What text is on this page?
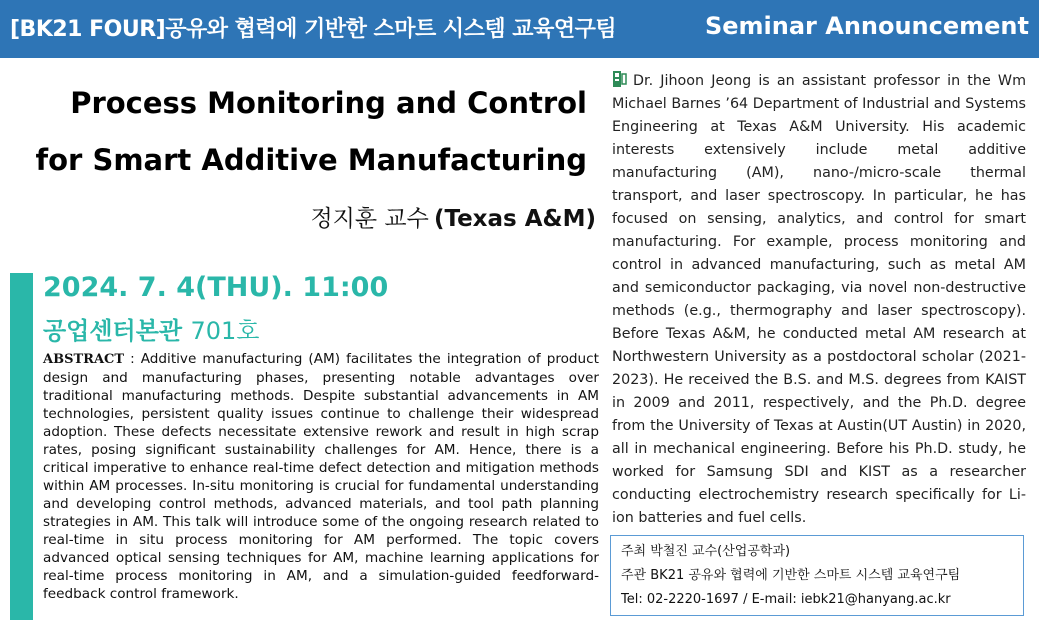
[BK21 FOUR]공유와 협력에 기반한 스마트 시스템 교육연구팀	Seminar Announcement
Process Monitoring and Control
for Smart Additive Manufacturing
정지훈 교수 (Texas A&M)
2024. 7. 4(THU). 11:00
공업센터본관 701호
ABSTRACT : Additive manufacturing (AM) facilitates the integration of product design and manufacturing phases, presenting notable advantages over traditional manufacturing methods. Despite substantial advancements in AM technologies, persistent quality issues continue to challenge their widespread adoption. These defects necessitate extensive rework and result in high scrap rates, posing significant sustainability challenges for AM. Hence, there is a critical imperative to enhance real-time defect detection and mitigation methods within AM processes. In-situ monitoring is crucial for fundamental understanding and developing control methods, advanced materials, and tool path planning strategies in AM. This talk will introduce some of the ongoing research related to real-time in situ process monitoring for AM performed. The topic covers advanced optical sensing techniques for AM, machine learning applications for real-time process monitoring in AM, and a simulation-guided feedforward-feedback control framework.
Dr. Jihoon Jeong is an assistant professor in the Wm Michael Barnes ’64 Department of Industrial and Systems Engineering at Texas A&M University. His academic interests extensively include metal additive manufacturing (AM), nano-/micro-scale thermal transport, and laser spectroscopy. In particular, he has focused on sensing, analytics, and control for smart manufacturing. For example, process monitoring and control in advanced manufacturing, such as metal AM and semiconductor packaging, via novel non-destructive methods (e.g., thermography and laser spectroscopy). Before Texas A&M, he conducted metal AM research at Northwestern University as a postdoctoral scholar (2021-2023). He received the B.S. and M.S. degrees from KAIST in 2009 and 2011, respectively, and the Ph.D. degree from the University of Texas at Austin(UT Austin) in 2020, all in mechanical engineering. Before his Ph.D. study, he worked for Samsung SDI and KIST as a researcher conducting electrochemistry research specifically for Li-ion batteries and fuel cells.
주최 박철진 교수(산업공학과)
주관 BK21 공유와 협력에 기반한 스마트 시스템 교육연구팀
Tel: 02-2220-1697 / E-mail: iebk21@hanyang.ac.kr
